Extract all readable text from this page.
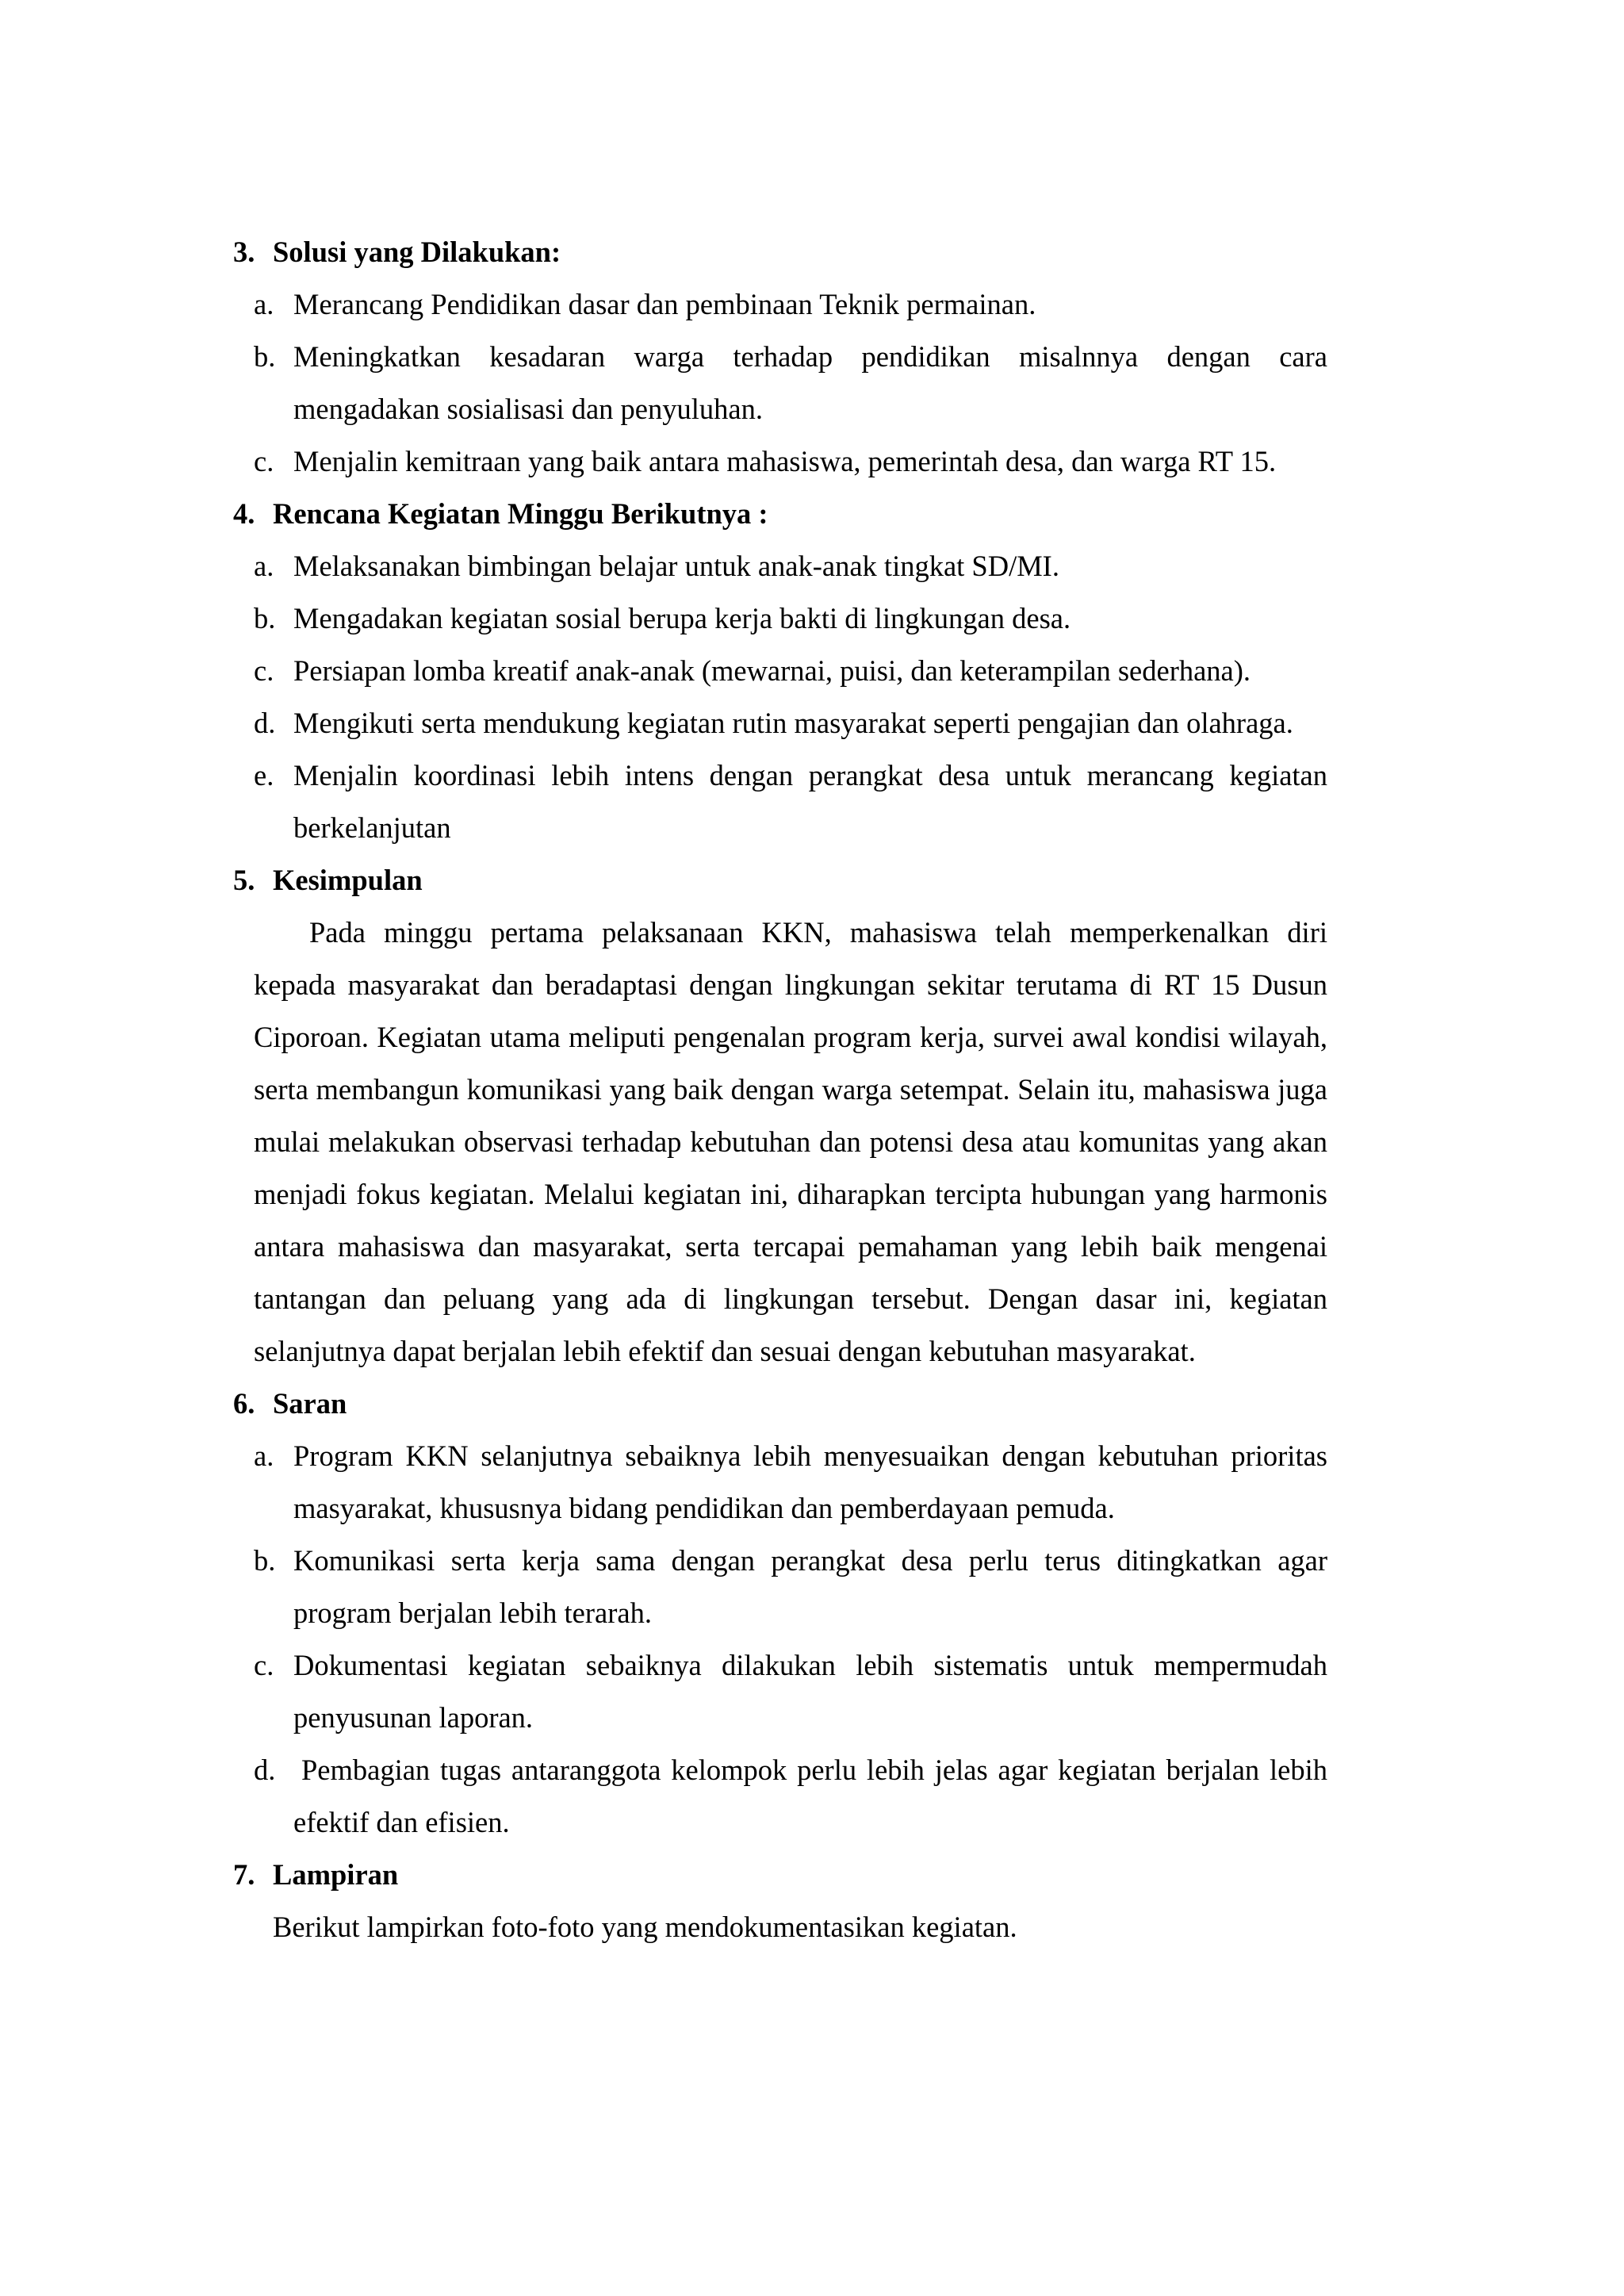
3. Solusi yang Dilakukan:

a. Merancang Pendidikan dasar dan pembinaan Teknik permainan.

b. Meningkatkan kesadaran warga terhadap pendidikan misalnnya dengan cara mengadakan sosialisasi dan penyuluhan.

c. Menjalin kemitraan yang baik antara mahasiswa, pemerintah desa, dan warga RT 15.

4. Rencana Kegiatan Minggu Berikutnya :

a. Melaksanakan bimbingan belajar untuk anak-anak tingkat SD/MI.

b. Mengadakan kegiatan sosial berupa kerja bakti di lingkungan desa.

c. Persiapan lomba kreatif anak-anak (mewarnai, puisi, dan keterampilan sederhana).

d. Mengikuti serta mendukung kegiatan rutin masyarakat seperti pengajian dan olahraga.

e. Menjalin koordinasi lebih intens dengan perangkat desa untuk merancang kegiatan berkelanjutan

5. Kesimpulan

Pada minggu pertama pelaksanaan KKN, mahasiswa telah memperkenalkan diri kepada masyarakat dan beradaptasi dengan lingkungan sekitar terutama di RT 15 Dusun Ciporoan. Kegiatan utama meliputi pengenalan program kerja, survei awal kondisi wilayah, serta membangun komunikasi yang baik dengan warga setempat. Selain itu, mahasiswa juga mulai melakukan observasi terhadap kebutuhan dan potensi desa atau komunitas yang akan menjadi fokus kegiatan. Melalui kegiatan ini, diharapkan tercipta hubungan yang harmonis antara mahasiswa dan masyarakat, serta tercapai pemahaman yang lebih baik mengenai tantangan dan peluang yang ada di lingkungan tersebut. Dengan dasar ini, kegiatan selanjutnya dapat berjalan lebih efektif dan sesuai dengan kebutuhan masyarakat.

6. Saran

a. Program KKN selanjutnya sebaiknya lebih menyesuaikan dengan kebutuhan prioritas masyarakat, khususnya bidang pendidikan dan pemberdayaan pemuda.

b. Komunikasi serta kerja sama dengan perangkat desa perlu terus ditingkatkan agar program berjalan lebih terarah.

c. Dokumentasi kegiatan sebaiknya dilakukan lebih sistematis untuk mempermudah penyusunan laporan.

d. Pembagian tugas antaranggota kelompok perlu lebih jelas agar kegiatan berjalan lebih efektif dan efisien.

7. Lampiran

Berikut lampirkan foto-foto yang mendokumentasikan kegiatan.
